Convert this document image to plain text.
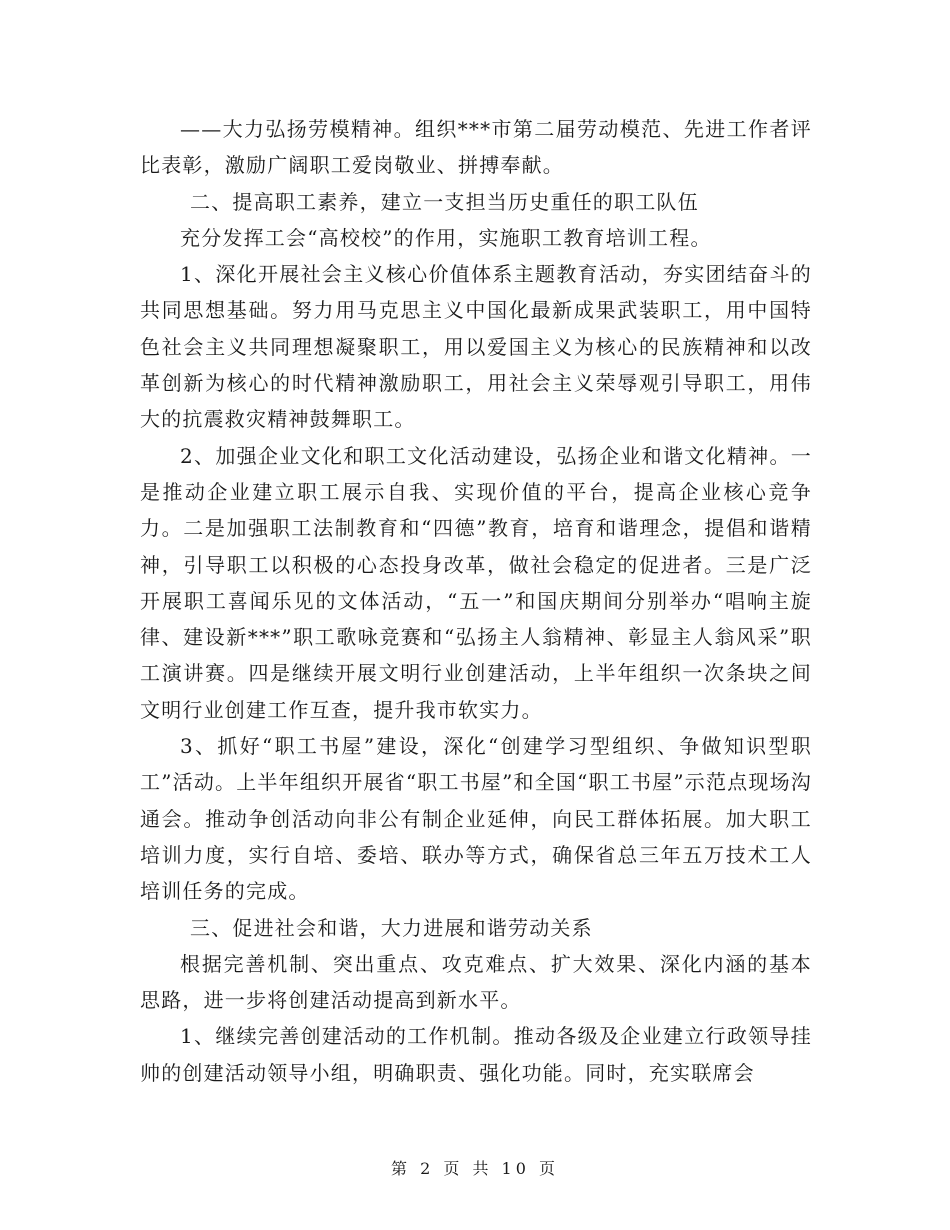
——大力弘扬劳模精神。组织***市第二届劳动模范、先进工作者评比表彰，激励广阔职工爱岗敬业、拼搏奉献。

二、提高职工素养，建立一支担当历史重任的职工队伍

充分发挥工会“高校校”的作用，实施职工教育培训工程。

1、深化开展社会主义核心价值体系主题教育活动，夯实团结奋斗的共同思想基础。努力用马克思主义中国化最新成果武装职工，用中国特色社会主义共同理想凝聚职工，用以爱国主义为核心的民族精神和以改革创新为核心的时代精神激励职工，用社会主义荣辱观引导职工，用伟大的抗震救灾精神鼓舞职工。

2、加强企业文化和职工文化活动建设，弘扬企业和谐文化精神。一是推动企业建立职工展示自我、实现价值的平台，提高企业核心竞争力。二是加强职工法制教育和“四德”教育，培育和谐理念，提倡和谐精神，引导职工以积极的心态投身改革，做社会稳定的促进者。三是广泛开展职工喜闻乐见的文体活动，“五一”和国庆期间分别举办“唱响主旋律、建设新***”职工歌咏竞赛和“弘扬主人翁精神、彰显主人翁风采”职工演讲赛。四是继续开展文明行业创建活动，上半年组织一次条块之间文明行业创建工作互查，提升我市软实力。

3、抓好“职工书屋”建设，深化“创建学习型组织、争做知识型职工”活动。上半年组织开展省“职工书屋”和全国“职工书屋”示范点现场沟通会。推动争创活动向非公有制企业延伸，向民工群体拓展。加大职工培训力度，实行自培、委培、联办等方式，确保省总三年五万技术工人培训任务的完成。

三、促进社会和谐，大力进展和谐劳动关系

根据完善机制、突出重点、攻克难点、扩大效果、深化内涵的基本思路，进一步将创建活动提高到新水平。

1、继续完善创建活动的工作机制。推动各级及企业建立行政领导挂帅的创建活动领导小组，明确职责、强化功能。同时，充实联席会

第 2 页 共 10 页
